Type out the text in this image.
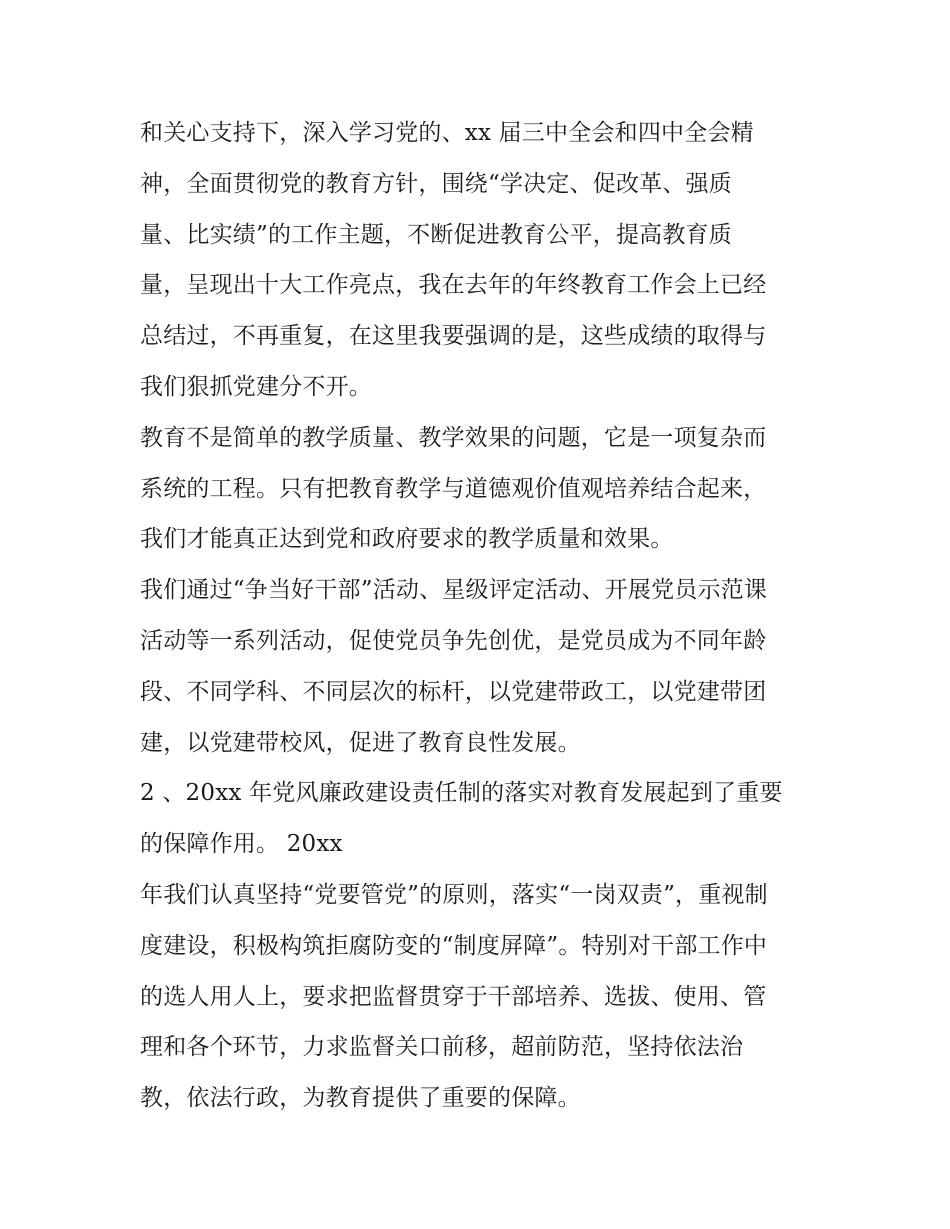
和关心支持下，深入学习党的、xx 届三中全会和四中全会精
神，全面贯彻党的教育方针，围绕“学决定、促改革、强质
量、比实绩”的工作主题，不断促进教育公平，提高教育质
量，呈现出十大工作亮点，我在去年的年终教育工作会上已经
总结过，不再重复，在这里我要强调的是，这些成绩的取得与
我们狠抓党建分不开。
教育不是简单的教学质量、教学效果的问题，它是一项复杂而
系统的工程。只有把教育教学与道德观价值观培养结合起来，
我们才能真正达到党和政府要求的教学质量和效果。
我们通过“争当好干部”活动、星级评定活动、开展党员示范课
活动等一系列活动，促使党员争先创优，是党员成为不同年龄
段、不同学科、不同层次的标杆，以党建带政工，以党建带团
建，以党建带校风，促进了教育良性发展。
2 、20xx 年党风廉政建设责任制的落实对教育发展起到了重要
的保障作用。 20xx
年我们认真坚持“党要管党”的原则，落实“一岗双责”，重视制
度建设，积极构筑拒腐防变的“制度屏障”。特别对干部工作中
的选人用人上，要求把监督贯穿于干部培养、选拔、使用、管
理和各个环节，力求监督关口前移，超前防范，坚持依法治
教，依法行政，为教育提供了重要的保障。
